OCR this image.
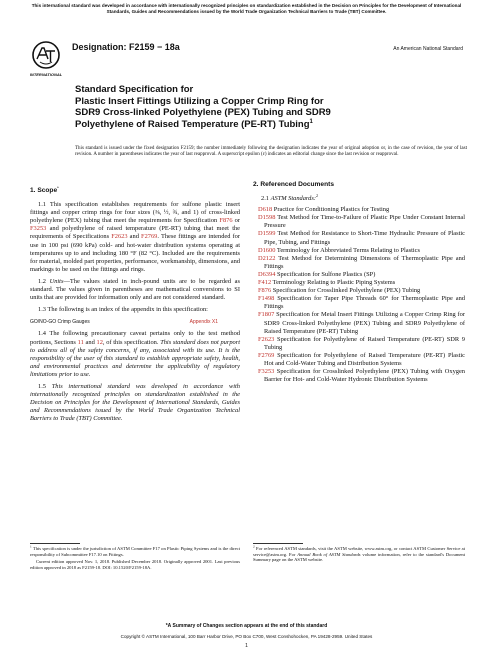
This international standard was developed in accordance with internationally recognized principles on standardization established in the Decision on Principles for the Development of International Standards, Guides and Recommendations issued by the World Trade Organization Technical Barriers to Trade (TBT) Committee.
INTERNATIONAL
Designation: F2159 − 18a	An American National Standard
Standard Specification for
Plastic Insert Fittings Utilizing a Copper Crimp Ring for
SDR9 Cross-linked Polyethylene (PEX) Tubing and SDR9
Polyethylene of Raised Temperature (PE-RT) Tubing$^1$
This standard is issued under the fixed designation F2159; the number immediately following the designation indicates the year of original adoption or, in the case of revision, the year of last revision. A number in parentheses indicates the year of last reapproval. A superscript epsilon (ε) indicates an editorial change since the last revision or reapproval.
1. Scope*

1.1 This specification establishes requirements for sulfone plastic insert fittings and copper crimp rings for four sizes (⅜, ½, ¾, and 1) of cross-linked polyethylene (PEX) tubing that meet the requirements for Specification F876 or F3253 and polyethylene of raised temperature (PE-RT) tubing that meet the requirements of Specifications F2623 and F2769. These fittings are intended for use in 100 psi (690 kPa) cold- and hot-water distribution systems operating at temperatures up to and including 180 °F (82 °C). Included are the requirements for material, molded part properties, performance, workmanship, dimensions, and markings to be used on the fittings and rings.

1.2 Units—The values stated in inch-pound units are to be regarded as standard. The values given in parentheses are mathematical conversions to SI units that are provided for information only and are not considered standard.

1.3 The following is an index of the appendix in this specification:

GO/NO-GO Crimp Gauges	Appendix X1

1.4 The following precautionary caveat pertains only to the test method portions, Sections 11 and 12, of this specification. This standard does not purport to address all of the safety concerns, if any, associated with its use. It is the responsibility of the user of this standard to establish appropriate safety, health, and environmental practices and determine the applicability of regulatory limitations prior to use.

1.5 This international standard was developed in accordance with internationally recognized principles on standardization established in the Decision on Principles for the Development of International Standards, Guides and Recommendations issued by the World Trade Organization Technical Barriers to Trade (TBT) Committee.

2. Referenced Documents
2.1 ASTM Standards:$^2$
D618 Practice for Conditioning Plastics for Testing
D1598 Test Method for Time-to-Failure of Plastic Pipe Under Constant Internal Pressure
D1599 Test Method for Resistance to Short-Time Hydraulic Pressure of Plastic Pipe, Tubing, and Fittings
D1600 Terminology for Abbreviated Terms Relating to Plastics
D2122 Test Method for Determining Dimensions of Thermoplastic Pipe and Fittings
D6394 Specification for Sulfone Plastics (SP)
F412 Terminology Relating to Plastic Piping Systems
F876 Specification for Crosslinked Polyethylene (PEX) Tubing
F1498 Specification for Taper Pipe Threads 60° for Thermoplastic Pipe and Fittings
F1807 Specification for Metal Insert Fittings Utilizing a Copper Crimp Ring for SDR9 Cross-linked Polyethylene (PEX) Tubing and SDR9 Polyethylene of Raised Temperature (PE-RT) Tubing
F2623 Specification for Polyethylene of Raised Temperature (PE-RT) SDR 9 Tubing
F2769 Specification for Polyethylene of Raised Temperature (PE-RT) Plastic Hot and Cold-Water Tubing and Distribution Systems
F3253 Specification for Crosslinked Polyethylene (PEX) Tubing with Oxygen Barrier for Hot- and Cold-Water Hydronic Distribution Systems
$^1$ This specification is under the jurisdiction of ASTM Committee F17 on Plastic Piping Systems and is the direct responsibility of Subcommittee F17.10 on Fittings.
Current edition approved Nov. 1, 2018. Published December 2018. Originally approved 2001. Last previous edition approved in 2018 as F2159-18. DOI: 10.1520/F2159-18A.
$^2$ For referenced ASTM standards, visit the ASTM website, www.astm.org, or contact ASTM Customer Service at service@astm.org. For Annual Book of ASTM Standards volume information, refer to the standard's Document Summary page on the ASTM website.
*A Summary of Changes section appears at the end of this standard
Copyright © ASTM International, 100 Barr Harbor Drive, PO Box C700, West Conshohocken, PA 19428-2959. United States
1
